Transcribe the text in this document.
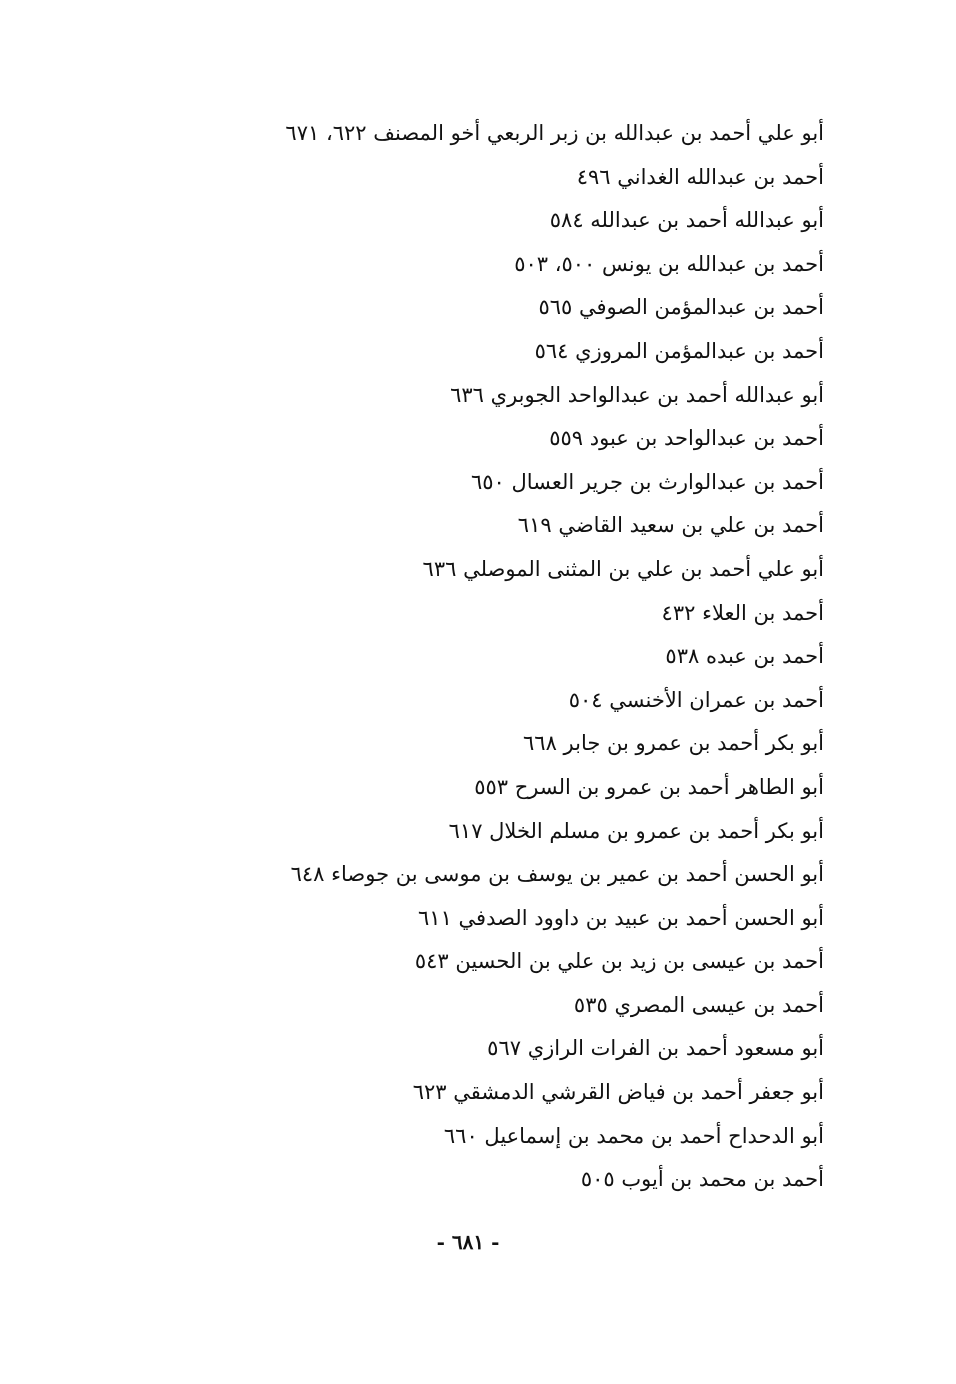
أبو علي أحمد بن عبدالله بن زبر الربعي أخو المصنف ٦٢٢، ٦٧١
أحمد بن عبدالله الغداني ٤٩٦
أبو عبدالله أحمد بن عبدالله ٥٨٤
أحمد بن عبدالله بن يونس ٥٠٠، ٥٠٣
أحمد بن عبدالمؤمن الصوفي ٥٦٥
أحمد بن عبدالمؤمن المروزي ٥٦٤
أبو عبدالله أحمد بن عبدالواحد الجوبري ٦٣٦
أحمد بن عبدالواحد بن عبود ٥٥٩
أحمد بن عبدالوارث بن جرير العسال ٦٥٠
أحمد بن علي بن سعيد القاضي ٦١٩
أبو علي أحمد بن علي بن المثنى الموصلي ٦٣٦
أحمد بن العلاء ٤٣٢
أحمد بن عبده ٥٣٨
أحمد بن عمران الأخنسي ٥٠٤
أبو بكر أحمد بن عمرو بن جابر ٦٦٨
أبو الطاهر أحمد بن عمرو بن السرح ٥٥٣
أبو بكر أحمد بن عمرو بن مسلم الخلال ٦١٧
أبو الحسن أحمد بن عمير بن يوسف بن موسى بن جوصاء ٦٤٨
أبو الحسن أحمد بن عبيد بن داوود الصدفي ٦١١
أحمد بن عيسى بن زيد بن علي بن الحسين ٥٤٣
أحمد بن عيسى المصري ٥٣٥
أبو مسعود أحمد بن الفرات الرازي ٥٦٧
أبو جعفر أحمد بن فياض القرشي الدمشقي ٦٢٣
أبو الدحداح أحمد بن محمد بن إسماعيل ٦٦٠
أحمد بن محمد بن أيوب ٥٠٥
- ٦٨١ -
